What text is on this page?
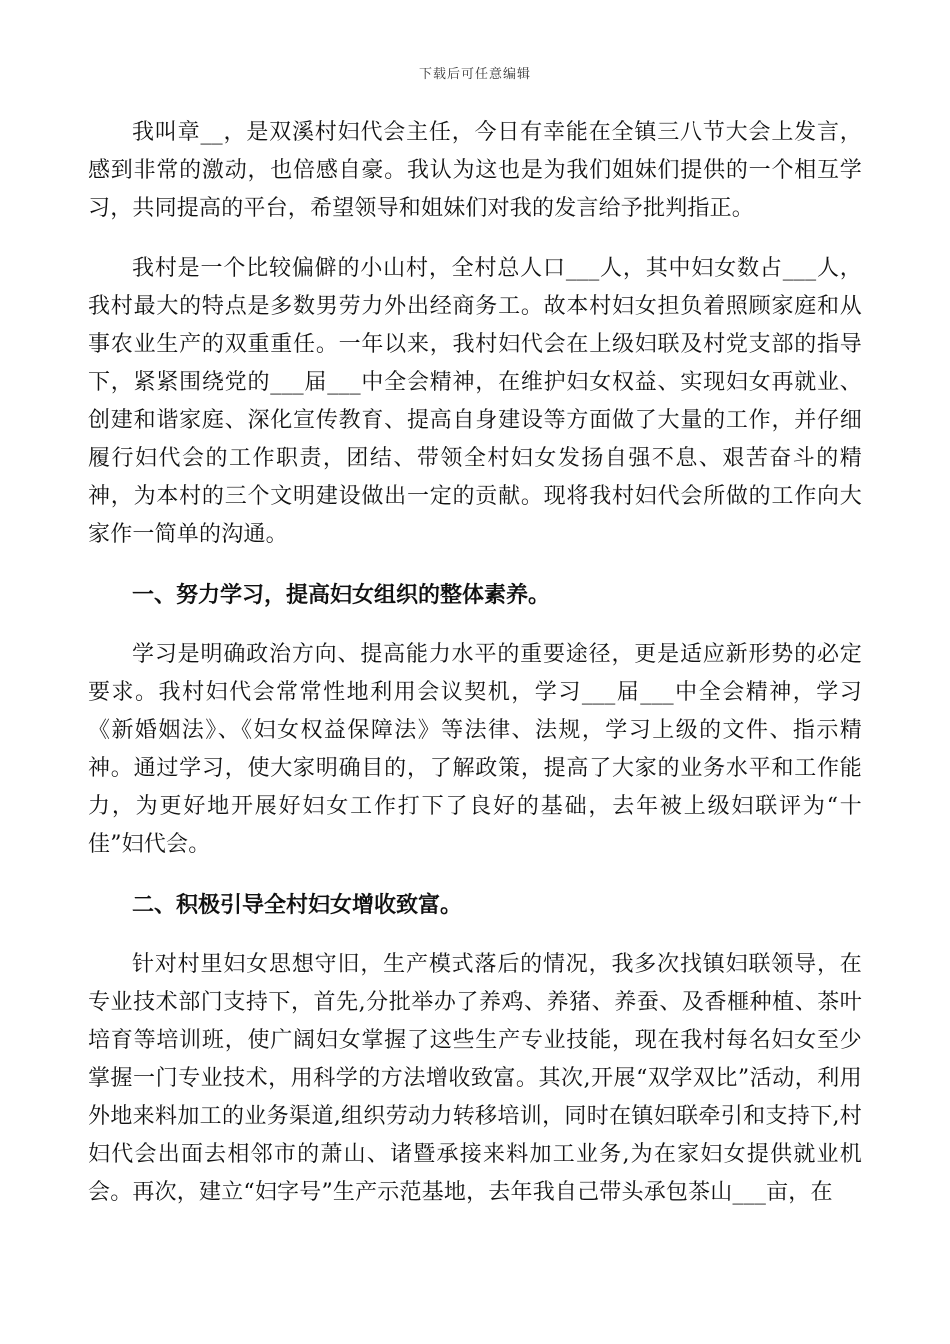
下载后可任意编辑

我叫章__，是双溪村妇代会主任，今日有幸能在全镇三八节大会上发言，感到非常的激动，也倍感自豪。我认为这也是为我们姐妹们提供的一个相互学习，共同提高的平台，希望领导和姐妹们对我的发言给予批判指正。

我村是一个比较偏僻的小山村，全村总人口___人，其中妇女数占___人，我村最大的特点是多数男劳力外出经商务工。故本村妇女担负着照顾家庭和从事农业生产的双重重任。一年以来，我村妇代会在上级妇联及村党支部的指导下，紧紧围绕党的___届___中全会精神，在维护妇女权益、实现妇女再就业、创建和谐家庭、深化宣传教育、提高自身建设等方面做了大量的工作，并仔细履行妇代会的工作职责，团结、带领全村妇女发扬自强不息、艰苦奋斗的精神，为本村的三个文明建设做出一定的贡献。现将我村妇代会所做的工作向大家作一简单的沟通。

一、努力学习，提高妇女组织的整体素养。

学习是明确政治方向、提高能力水平的重要途径，更是适应新形势的必定要求。我村妇代会常常性地利用会议契机，学习___届___中全会精神，学习《新婚姻法》、《妇女权益保障法》等法律、法规，学习上级的文件、指示精神。通过学习，使大家明确目的，了解政策，提高了大家的业务水平和工作能力，为更好地开展好妇女工作打下了良好的基础，去年被上级妇联评为“十佳”妇代会。

二、积极引导全村妇女增收致富。

针对村里妇女思想守旧，生产模式落后的情况，我多次找镇妇联领导，在专业技术部门支持下，首先,分批举办了养鸡、养猪、养蚕、及香榧种植、茶叶培育等培训班，使广阔妇女掌握了这些生产专业技能，现在我村每名妇女至少掌握一门专业技术，用科学的方法增收致富。其次,开展“双学双比”活动，利用外地来料加工的业务渠道,组织劳动力转移培训，同时在镇妇联牵引和支持下,村妇代会出面去相邻市的萧山、诸暨承接来料加工业务,为在家妇女提供就业机会。再次，建立“妇字号”生产示范基地，去年我自己带头承包茶山___亩，在
